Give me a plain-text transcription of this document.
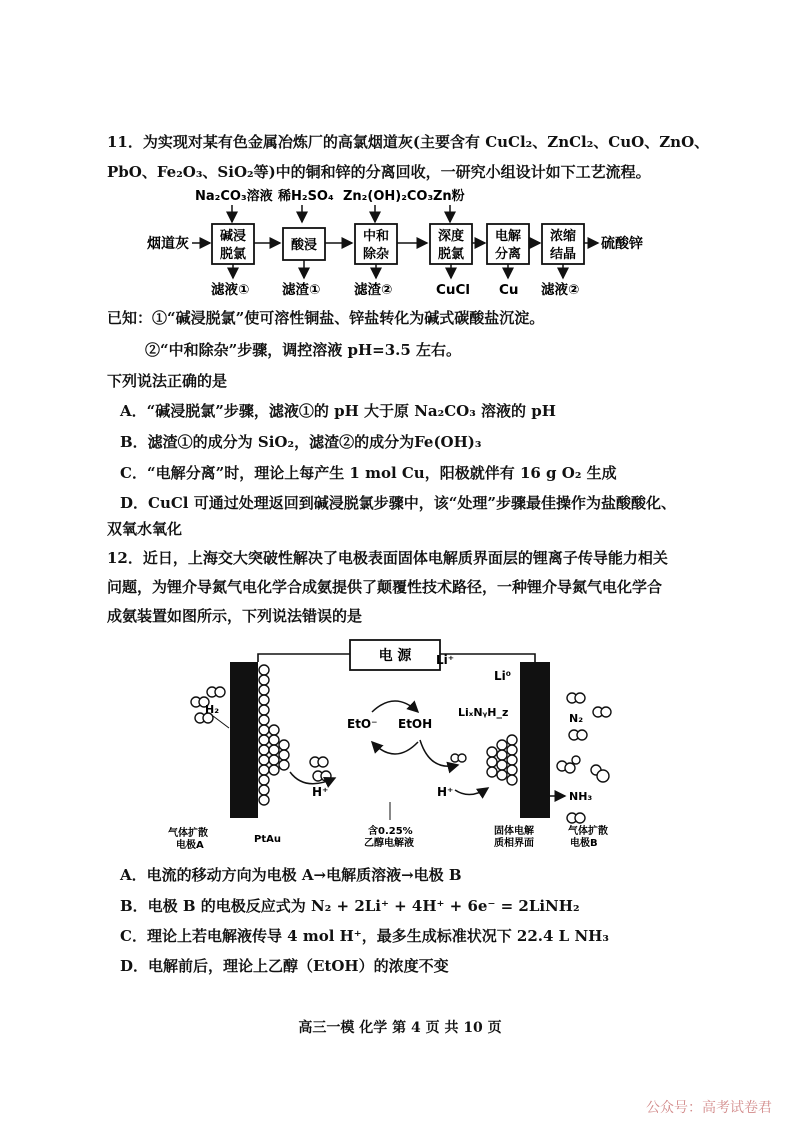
11．为实现对某有色金属冶炼厂的高氯烟道灰(主要含有 CuCl₂、ZnCl₂、CuO、ZnO、
PbO、Fe₂O₃、SiO₂等)中的铜和锌的分离回收，一研究小组设计如下工艺流程。
Na₂CO₃溶液 稀H₂SO₄ Zn₂(OH)₂CO₃ Zn粉
烟道灰 碱浸
脱氯
酸浸
中和
除杂
深度
脱氯
电解
分离
浓缩
结晶
硫酸锌
滤液① 滤渣① 滤渣②	CuCl Cu 滤液②
已知：①“碱浸脱氯”使可溶性铜盐、锌盐转化为碱式碳酸盐沉淀。
②“中和除杂”步骤，调控溶液 pH=3.5 左右。
下列说法正确的是
A．“碱浸脱氯”步骤，滤液①的 pH 大于原 Na₂CO₃ 溶液的 pH
B．滤渣①的成分为 SiO₂，滤渣②的成分为Fe(OH)₃
C．“电解分离”时，理论上每产生 1 mol Cu，阳极就伴有 16 g O₂ 生成
D．CuCl 可通过处理返回到碱浸脱氯步骤中，该“处理”步骤最佳操作为盐酸酸化、
双氧水氧化
12．近日，上海交大突破性解决了电极表面固体电解质界面层的锂离子传导能力相关
问题，为锂介导氮气电化学合成氨提供了颠覆性技术路径，一种锂介导氮气电化学合
成氨装置如图所示，下列说法错误的是
电 源 Li⁺
Li⁰
H₂
EtO⁻ EtOH
H⁺	H⁺
LiₓNᵧH_z
NH₃
N₂
气体扩散
电极A
PtAu
含0.25%
乙醇电解液
固体电解
质相界面
气体扩散
电极B
A．电流的移动方向为电极 A→电解质溶液→电极 B
B．电极 B 的电极反应式为 N₂ + 2Li⁺ + 4H⁺ + 6e⁻ = 2LiNH₂
C．理论上若电解液传导 4 mol H⁺，最多生成标准状况下 22.4 L NH₃
D．电解前后，理论上乙醇（EtOH）的浓度不变
高三一模 化学 第 4 页 共 10 页
公众号：高考试卷君
